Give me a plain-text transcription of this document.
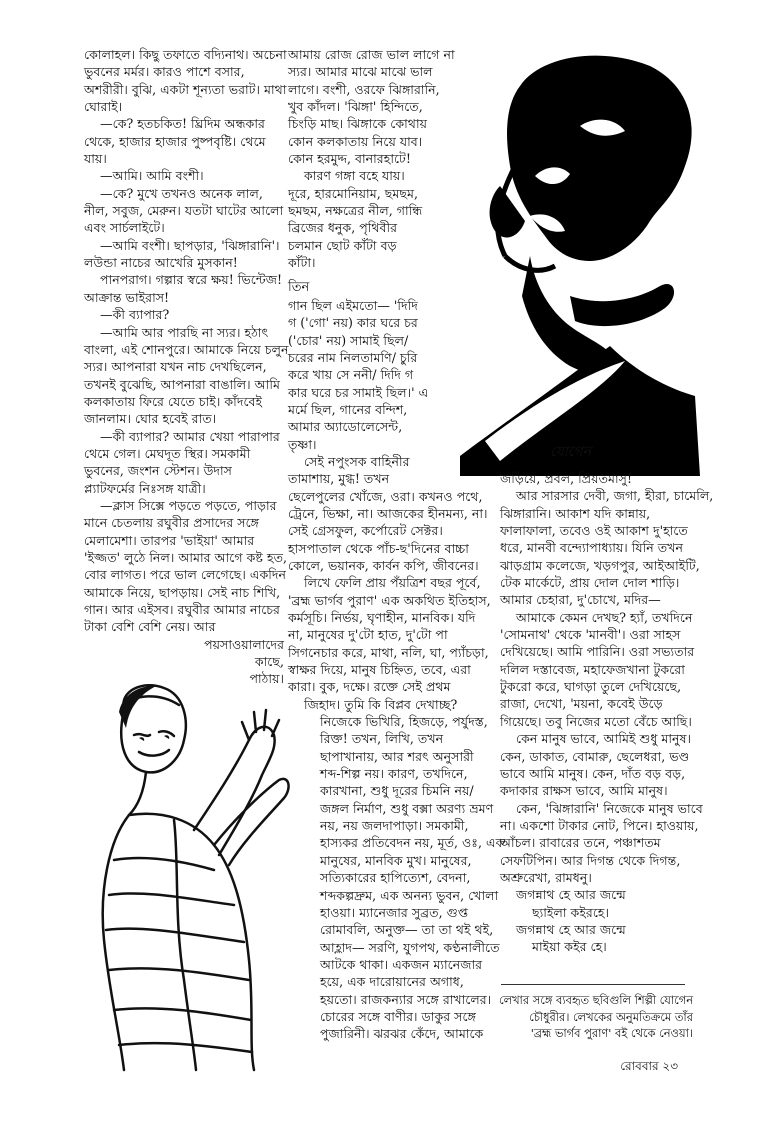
কোলাহল। কিছু তফাতে বদ্যিনাথ। অচেনা

ভুবনের মর্মর। কারও পাশে বসার,

অশরীরী। বুঝি, একটা শূন্যতা ভরাট। মাথা

ঘোরাই।

—কে? হতচকিত! ঘ্রিদিম অন্ধকার

থেকে, হাজার হাজার পুষ্পবৃষ্টি। থেমে

যায়।

—আমি। আমি বংশী।

—কে? মুখে তখনও অনেক লাল,

নীল, সবুজ, মেরুন। যতটা ঘাটের আলো

এবং সার্চলাইটে।

—আমি বংশী। ছাপড়ার, 'ঝিঙ্গারানি'।

লউন্ডা নাচের আখেরি মুসকান!

পানপরাগ। গল্পার স্বরে ক্ষয়! ভিন্টেজ!

আক্রান্ত ভাইরাস!

—কী ব্যাপার?

—আমি আর পারছি না স্যর। হঠাৎ

বাংলা, এই শোনপুরে। আমাকে নিয়ে চলুন

স্যর। আপনারা যখন নাচ দেখছিলেন,

তখনই বুঝেছি, আপনারা বাঙালি। আমি

কলকাতায় ফিরে যেতে চাই। কাঁদবেই

জানলাম। ঘোর হবেই রাত।

—কী ব্যাপার? আমার খেয়া পারাপার

থেমে গেল। মেঘদূত স্থির। সমকামী

ভুবনের, জংশন স্টেশন। উদাস

প্ল্যাটফর্মের নিঃসঙ্গ যাত্রী।

—ক্লাস সিক্সে পড়তে পড়তে, পাড়ার

মানে চেতলায় রঘুবীর প্রসাদের সঙ্গে

মেলামেশা। তারপর 'ভাইয়া' আমার

'ইজ্জত' লুঠে নিল। আমার আগে কষ্ট হত,

বোর লাগত। পরে ভাল লেগেছে। একদিন

আমাকে নিয়ে, ছাপড়ায়। সেই নাচ শিখি,

গান। আর এইসব। রঘুবীর আমার নাচের

টাকা বেশি বেশি নেয়। আর

পয়সাওয়ালাদের

কাছে,

পাঠায়।

আমায় রোজ রোজ ভাল লাগে না

স্যর। আমার মাঝে মাঝে ভাল

লাগে। বংশী, ওরফে ঝিঙ্গারানি,

খুব কাঁদল। 'ঝিঙ্গা' হিন্দিতে,

চিংড়ি মাছ। ঝিঙ্গাকে কোথায়

কোন কলকাতায় নিয়ে যাব।

কোন হরমুদ্দ, বানারহাটে!

কারণ গঙ্গা বহে যায়।

দূরে, হারমোনিয়াম, ছমছম,

ছমছম, নক্ষত্রের নীল, গান্ধি

ব্রিজের ধনুক, পৃথিবীর

চলমান ছোট কাঁটা বড়

কাঁটা।

তিন

গান ছিল এইমতো— 'দিদি

গ ('গো' নয়) কার ঘরে চর

('চোর' নয়) সামাই ছিল/

চরের নাম নিলতামণি/ চুরি

করে খায় সে ননী/ দিদি গ

কার ঘরে চর সামাই ছিল।' এ

মর্মে ছিল, গানের বন্দিশ,

আমার অ্যাডোলেসেন্ট,

তৃষ্ণা।

সেই নপুংসক বাহিনীর

তামাশায়, মুগ্ধ! তখন

ছেলেপুলের খোঁজে, ওরা। কখনও পথে,

ট্রেনে, ভিক্ষা, না। আজকের হীনমন্য, না।

সেই গ্রেসফুল, কর্পোরেট সেক্টর।

হাসপাতাল থেকে পাঁচ-ছ'দিনের বাচ্চা

কোলে, ভয়ানক, কার্বন কপি, জীবনের।

লিখে ফেলি প্রায় পঁয়ত্রিশ বছর পূর্বে,

'ব্রহ্ম ভার্গব পুরাণ' এক অকথিত ইতিহাস,

কর্মসূচি। নির্ভয়, ঘৃণাহীন, মানবিক। যদি

না, মানুষের দু'টো হাত, দু'টো পা

সিগনেচার করে, মাথা, নলি, ঘা, প্যাঁচড়া,

স্বাক্ষর দিয়ে, মানুষ চিহ্নিত, তবে, এরা

কারা। বুক, দক্ষে। রক্তে সেই প্রথম

জিহাদ। তুমি কি বিপ্লব দেখাচ্ছ?

নিজেকে ভিখিরি, হিজড়ে, পর্যুদস্ত,

রিক্ত! তখন, লিখি, তখন

ছাপাখানায়, আর শরৎ অনুসারী

শব্দ-শিল্প নয়। কারণ, তখদিনে,

কারখানা, শুধু দূরের চিমনি নয়/

জঙ্গল নির্মাণ, শুধু বক্সা অরণ্য ভ্রমণ

নয়, নয় জলদাপাড়া। সমকামী,

হাস্যকর প্রতিবেদন নয়, মূর্ত, ওঃ, এক

মানুষের, মানবিক মুখ। মানুষের,

সত্যিকারের হাপিত্যেশ, বেদনা,

শব্দকল্পদ্রুম, এক অনন্য ভুবন, খোলা

হাওয়া। ম্যানেজার সুব্রত, গুপ্ত

রোমাবলি, অনুক্ত— তা তা থই থই,

আহ্লাদ— সরণি, যুগপথ, কণ্ঠনালীতে

আটকে থাকা। একজন ম্যানেজার

হয়ে, এক দারোয়ানের অগাধ,

হয়তো। রাজকন্যার সঙ্গে রাখালের।

চোরের সঙ্গে বাণীর। ডাকুর সঙ্গে

পুজারিনী। ঝরঝর কেঁদে, আমাকে

যোগেন

জড়িয়ে, প্রবল, প্রিয়তমাসু!

আর সারসার দেবী, জগা, হীরা, চামেলি,

ঝিঙ্গারানি। আকাশ যদি কান্নায়,

ফালাফালা, তবেও ওই আকাশ দু'হাতে

ধরে, মানবী বন্দ্যোপাধ্যায়। যিনি তখন

ঝাড়গ্রাম কলেজে, খড়গপুর, আইআইটি,

টেক মার্কেটে, প্রায় দোল দোল শাড়ি।

আমার চেহারা, দু'চোখে, মদির—

আমাকে কেমন দেখছ? হ্যাঁ, তখদিনে

'সোমনাথ' থেকে 'মানবী'। ওরা সাহস

দেখিয়েছে। আমি পারিনি। ওরা সভ্যতার

দলিল দস্তাবেজ, মহাফেজখানা টুকরো

টুকরো করে, ঘাগড়া তুলে দেখিয়েছে,

রাজা, দেখো, 'ময়না, কবেই উড়ে

গিয়েছে। তবু নিজের মতো বেঁচে আছি।

কেন মানুষ ভাবে, আমিই শুধু মানুষ।

কেন, ডাকাত, বোমারু, ছেলেধরা, ভণ্ড

ভাবে আমি মানুষ। কেন, দাঁত বড় বড়,

কদাকার রাক্ষস ভাবে, আমি মানুষ।

কেন, 'ঝিঙ্গারানি' নিজেকে মানুষ ভাবে

না। একশো টাকার নোট, পিনে। হাওয়ায়,

আঁচল। রাবারের তনে, পঞ্চাশতম

সেফটিপিন। আর দিগন্ত থেকে দিগন্ত,

অশ্রুরেখা, রামধনু।

জগন্নাথ হে আর জন্মে

ছ্যাইলা কইরহে।

জগন্নাথ হে আর জন্মে

মাইয়া কইর হে।

লেখার সঙ্গে ব্যবহৃত ছবিগুলি শিল্পী যোগেন

চৌধুরীর। লেখকের অনুমতিক্রমে তাঁর

'ব্রহ্ম ভার্গব পুরাণ' বই থেকে নেওয়া।

রোববার ২৩
